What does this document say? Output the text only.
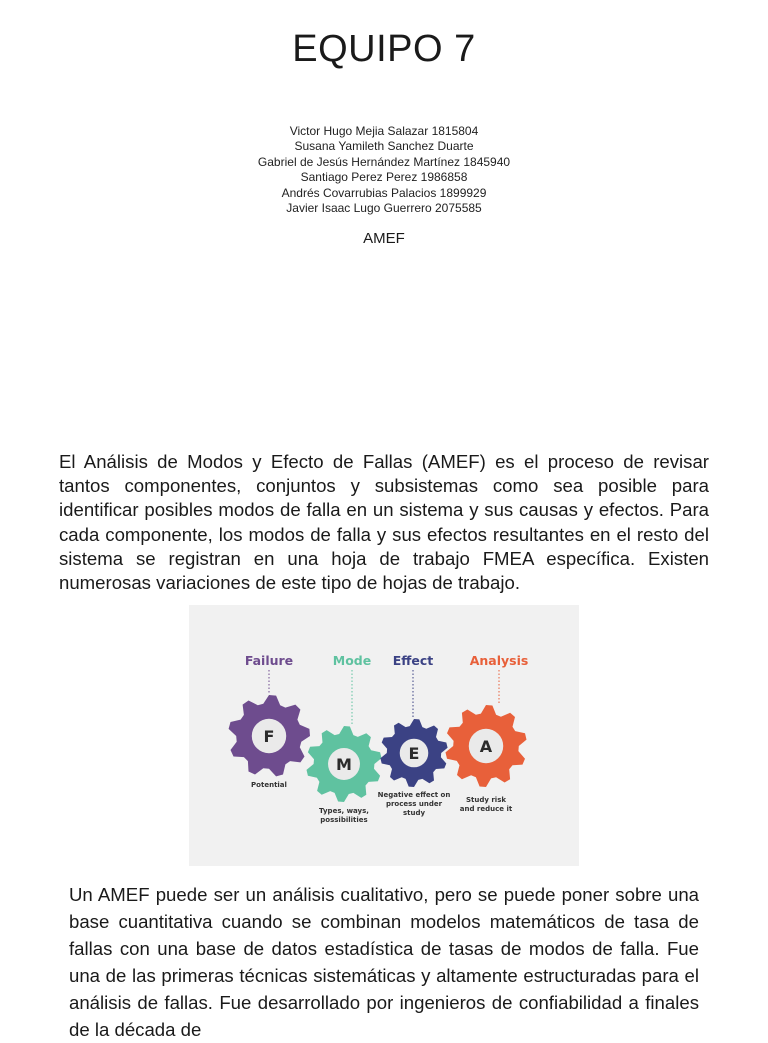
EQUIPO 7
Victor Hugo Mejia Salazar 1815804
Susana Yamileth Sanchez Duarte
Gabriel de Jesús Hernández Martínez 1845940
Santiago Perez Perez 1986858
Andrés Covarrubias Palacios 1899929
Javier Isaac Lugo Guerrero 2075585
AMEF

El Análisis de Modos y Efecto de Fallas (AMEF) es el proceso de revisar tantos componentes, conjuntos y subsistemas como sea posible para identificar posibles modos de falla en un sistema y sus causas y efectos. Para cada componente, los modos de falla y sus efectos resultantes en el resto del sistema se registran en una hoja de trabajo FMEA específica. Existen numerosas variaciones de este tipo de hojas de trabajo.

Failure
F
Potential
Mode
M
Types, ways,
possibilities
Effect
E
Negative effect on
process under
study
Analysis
A
Study risk
and reduce it

Un AMEF puede ser un análisis cualitativo, pero se puede poner sobre una base cuantitativa cuando se combinan modelos matemáticos de tasa de fallas con una base de datos estadística de tasas de modos de falla. Fue una de las primeras técnicas sistemáticas y altamente estructuradas para el análisis de fallas. Fue desarrollado por ingenieros de confiabilidad a finales de la década de
